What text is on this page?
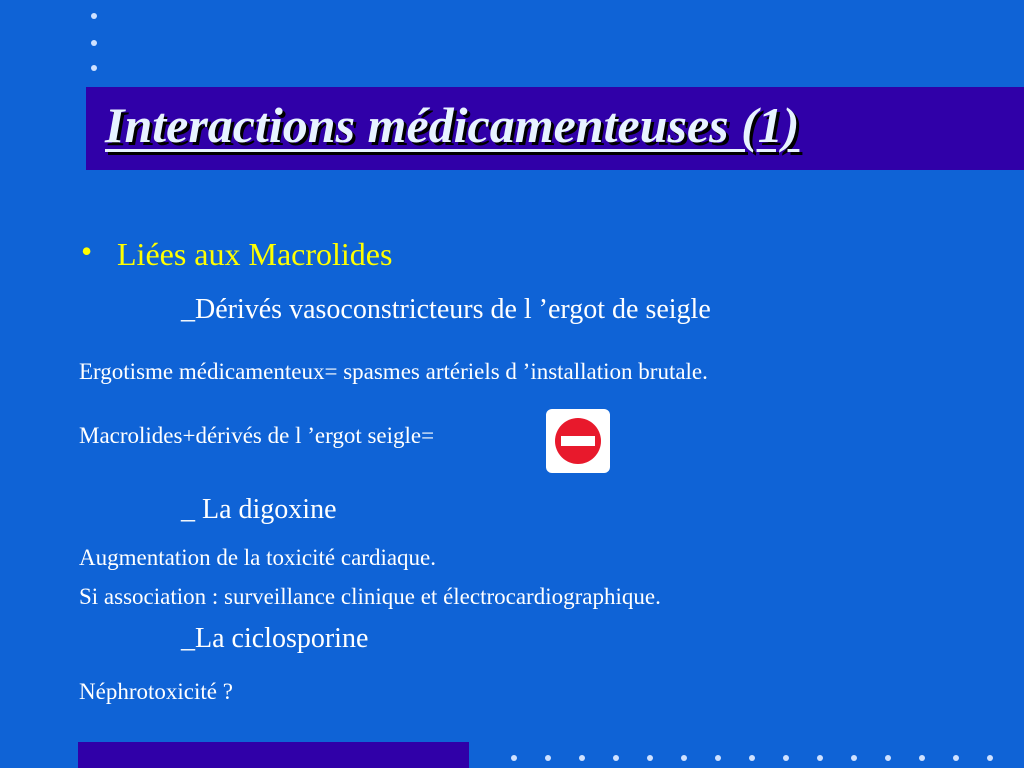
Interactions médicamenteuses (1)
• Liées aux Macrolides
_Dérivés vasoconstricteurs de l ’ergot de seigle
Ergotisme médicamenteux= spasmes artériels d ’installation brutale.
Macrolides+dérivés de l ’ergot seigle=
_ La digoxine
Augmentation de la toxicité cardiaque.
Si association : surveillance clinique et électrocardiographique.
_La ciclosporine
Néphrotoxicité ?
